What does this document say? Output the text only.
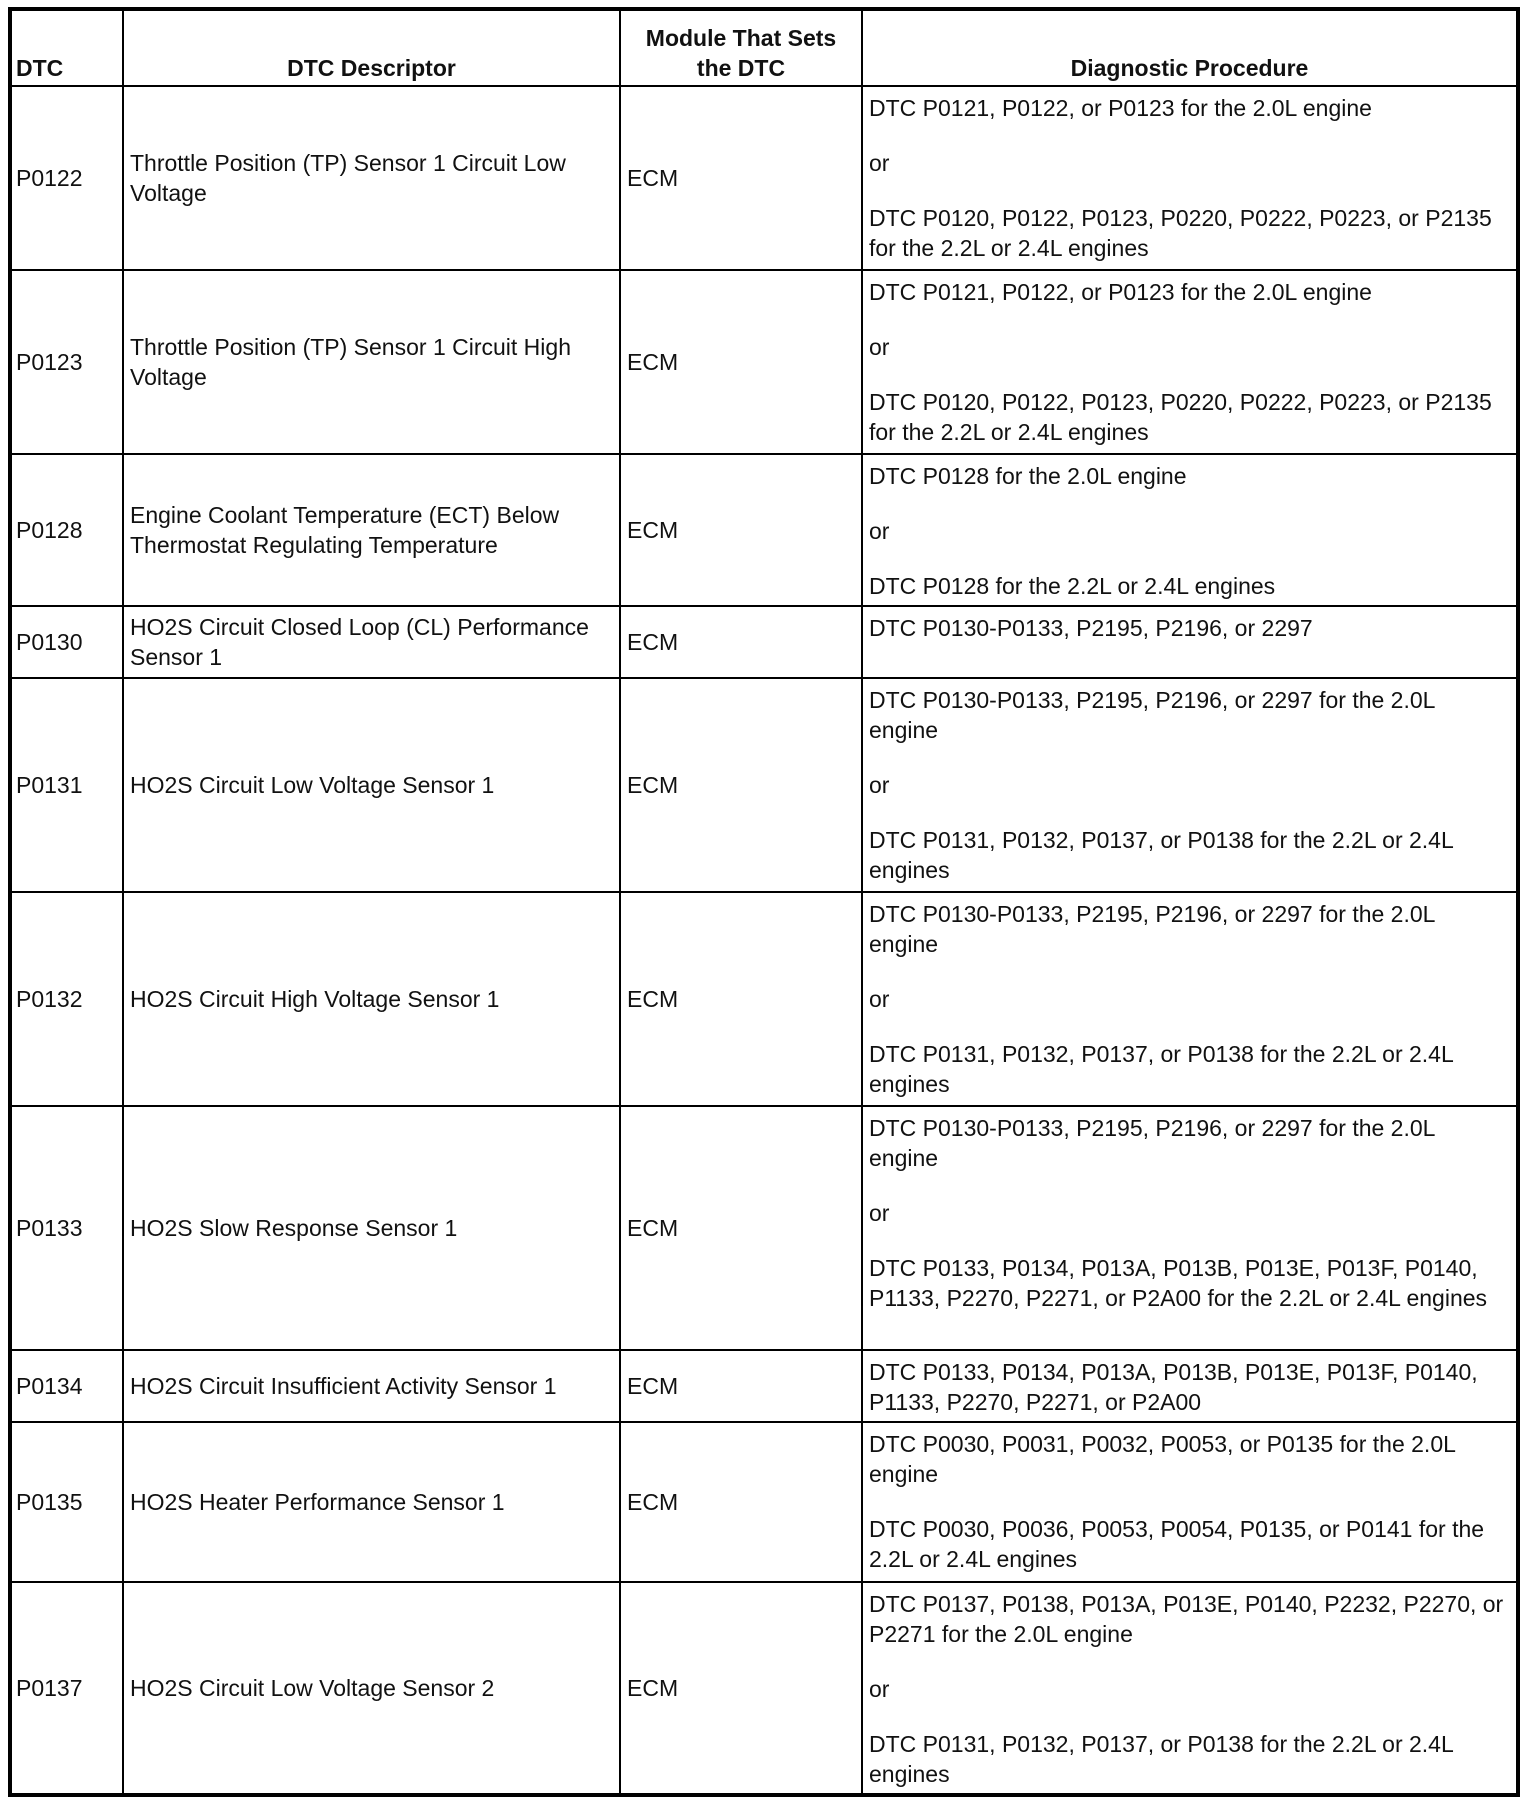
DTC	DTC Descriptor	Module That Sets the DTC	Diagnostic Procedure
P0122	Throttle Position (TP) Sensor 1 Circuit Low Voltage	ECM	DTC P0121, P0122, or P0123 for the 2.0L engine
or
DTC P0120, P0122, P0123, P0220, P0222, P0223, or P2135 for the 2.2L or 2.4L engines

P0123	Throttle Position (TP) Sensor 1 Circuit High Voltage	ECM	DTC P0121, P0122, or P0123 for the 2.0L engine
or
DTC P0120, P0122, P0123, P0220, P0222, P0223, or P2135 for the 2.2L or 2.4L engines

P0128	Engine Coolant Temperature (ECT) Below Thermostat Regulating Temperature	ECM	DTC P0128 for the 2.0L engine
or
DTC P0128 for the 2.2L or 2.4L engines

P0130	HO2S Circuit Closed Loop (CL) Performance Sensor 1	ECM	DTC P0130-P0133, P2195, P2196, or 2297

P0131	HO2S Circuit Low Voltage Sensor 1	ECM	DTC P0130-P0133, P2195, P2196, or 2297 for the 2.0L engine
or
DTC P0131, P0132, P0137, or P0138 for the 2.2L or 2.4L engines

P0132	HO2S Circuit High Voltage Sensor 1	ECM	DTC P0130-P0133, P2195, P2196, or 2297 for the 2.0L engine
or
DTC P0131, P0132, P0137, or P0138 for the 2.2L or 2.4L engines

P0133	HO2S Slow Response Sensor 1	ECM	DTC P0130-P0133, P2195, P2196, or 2297 for the 2.0L engine
or
DTC P0133, P0134, P013A, P013B, P013E, P013F, P0140, P1133, P2270, P2271, or P2A00 for the 2.2L or 2.4L engines

P0134	HO2S Circuit Insufficient Activity Sensor 1	ECM	DTC P0133, P0134, P013A, P013B, P013E, P013F, P0140, P1133, P2270, P2271, or P2A00

P0135	HO2S Heater Performance Sensor 1	ECM	DTC P0030, P0031, P0032, P0053, or P0135 for the 2.0L engine
DTC P0030, P0036, P0053, P0054, P0135, or P0141 for the 2.2L or 2.4L engines

P0137	HO2S Circuit Low Voltage Sensor 2	ECM	DTC P0137, P0138, P013A, P013E, P0140, P2232, P2270, or P2271 for the 2.0L engine
or
DTC P0131, P0132, P0137, or P0138 for the 2.2L or 2.4L engines
